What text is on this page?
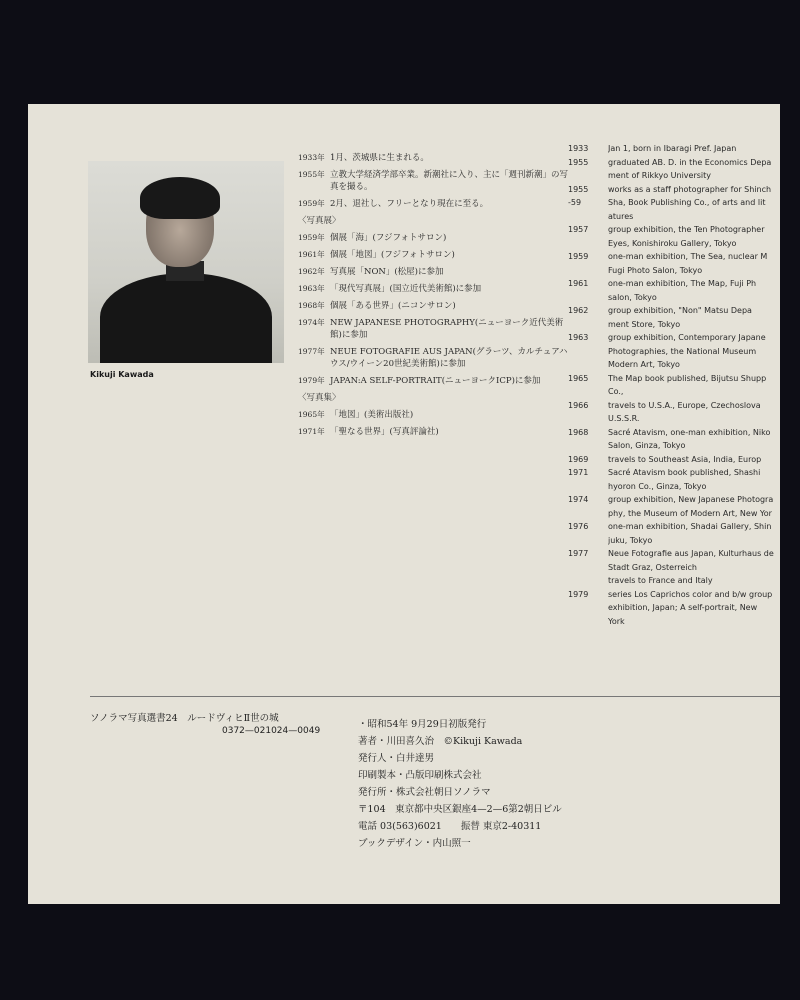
Kikuji Kawada
1933年 1月、茨城県に生まれる。
1955年 立教大学経済学部卒業。新潮社に入り、主に「週刊新潮」の写真を撮る。
1959年 2月、退社し、フリーとなり現在に至る。
〈写真展〉
1959年 個展「海」(フジフォトサロン)
1961年 個展「地図」(フジフォトサロン)
1962年 写真展「NON」(松屋)に参加
1963年 「現代写真展」(国立近代美術館)に参加
1968年 個展「ある世界」(ニコンサロン)
1974年 NEW JAPANESE PHOTOGRAPHY(ニューヨーク近代美術館)に参加
1977年 NEUE FOTOGRAFIE AUS JAPAN(グラーツ、カルチュアハウス/ウイーン20世紀美術館)に参加
1979年 JAPAN:A SELF-PORTRAIT(ニューヨークICP)に参加
〈写真集〉
1965年 「地図」(美術出版社)
1971年 「聖なる世界」(写真評論社)
1933	Jan 1, born in Ibaragi Pref. Japan
1955	graduated AB. D. in the Economics Depa
ment of Rikkyo University
1955	works as a staff photographer for Shinch
-59	Sha, Book Publishing Co., of arts and lit
atures
1957	group exhibition, the Ten Photographer
Eyes, Konishiroku Gallery, Tokyo
1959	one-man exhibition, The Sea, nuclear M
Fugi Photo Salon, Tokyo
1961	one-man exhibition, The Map, Fuji Ph
salon, Tokyo
1962	group exhibition, "Non" Matsu Depa
ment Store, Tokyo
1963	group exhibition, Contemporary Japane
Photographies, the National Museum
Modern Art, Tokyo
1965	The Map book published, Bijutsu Shupp
Co.,
1966	travels to U.S.A., Europe, Czechoslova
U.S.S.R.
1968	Sacré Atavism, one-man exhibition, Niko
Salon, Ginza, Tokyo
1969	travels to Southeast Asia, India, Europ
1971	Sacré Atavism book published, Shashi
hyoron Co., Ginza, Tokyo
1974	group exhibition, New Japanese Photogra
phy, the Museum of Modern Art, New Yor
1976	one-man exhibition, Shadai Gallery, Shin
juku, Tokyo
1977	Neue Fotografie aus Japan, Kulturhaus de
Stadt Graz, Osterreich
travels to France and Italy
1979	series Los Caprichos color and b/w group
exhibition, Japan; A self-portrait, New
York
ソノラマ写真選書24　ルードヴィヒⅡ世の城
0372—021024—0049
・昭和54年 9月29日初版発行
著者・川田喜久治　©Kikuji Kawada
発行人・白井達男
印刷製本・凸版印刷株式会社
発行所・株式会社朝日ソノラマ
〒104　東京都中央区銀座4—2—6第2朝日ビル
電話 03(563)6021　　振替 東京2-40311
ブックデザイン・内山照一
